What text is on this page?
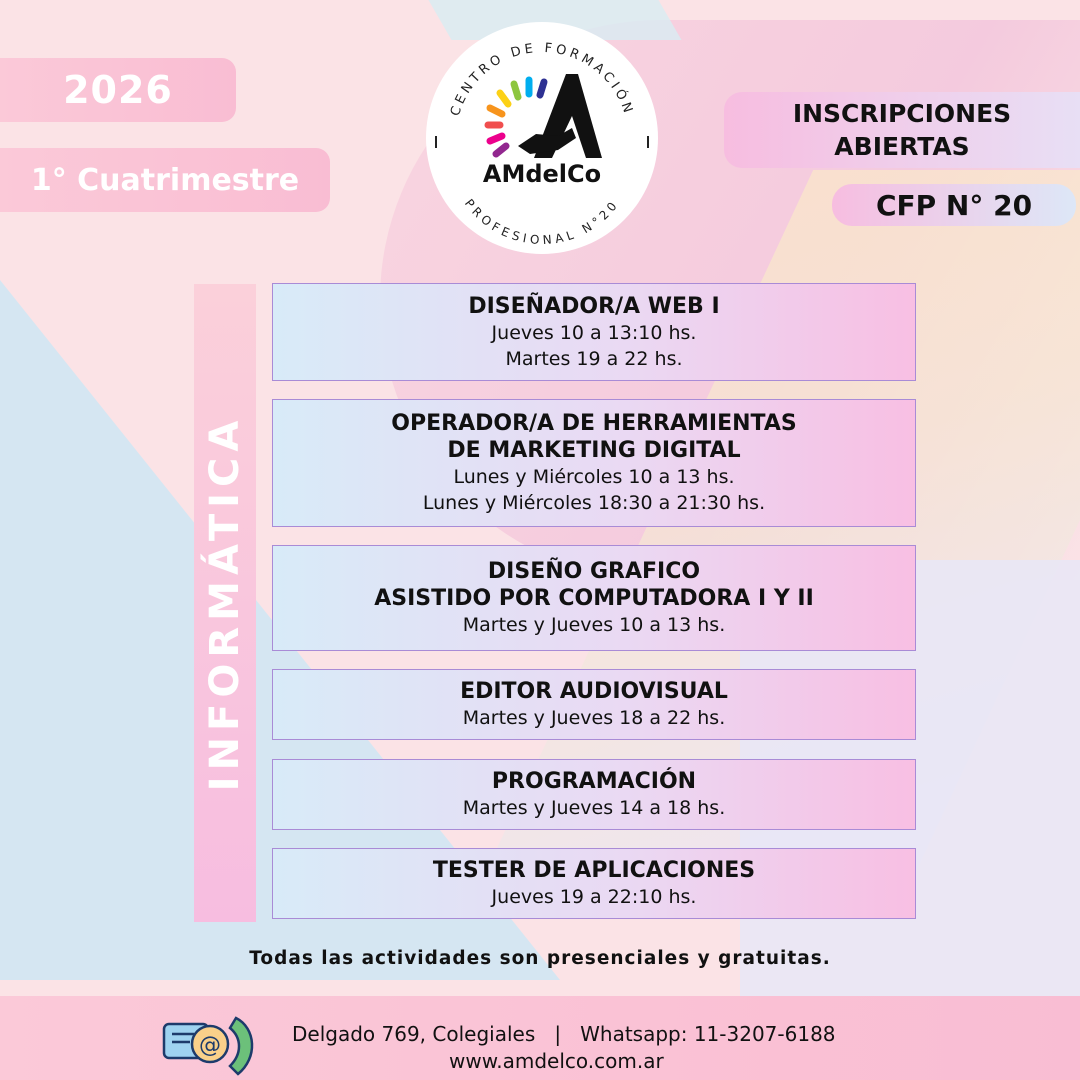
2026
1° Cuatrimestre
INSCRIPCIONES
ABIERTAS
CFP N° 20
CENTRO DE FORMACIÓN
PROFESIONAL N°20
AMdelCo
INFORMÁTICA
DISEÑADOR/A WEB I
Jueves 10 a 13:10 hs.
Martes 19 a 22 hs.
OPERADOR/A DE HERRAMIENTAS
DE MARKETING DIGITAL
Lunes y Miércoles 10 a 13 hs.
Lunes y Miércoles 18:30 a 21:30 hs.
DISEÑO GRAFICO
ASISTIDO POR COMPUTADORA I Y II
Martes y Jueves 10 a 13 hs.
EDITOR AUDIOVISUAL
Martes y Jueves 18 a 22 hs.
PROGRAMACIÓN
Martes y Jueves 14 a 18 hs.
TESTER DE APLICACIONES
Jueves 19 a 22:10 hs.
Todas las actividades son presenciales y gratuitas.
@	Delgado 769, Colegiales   |   Whatsapp: 11-3207-6188
www.amdelco.com.ar
